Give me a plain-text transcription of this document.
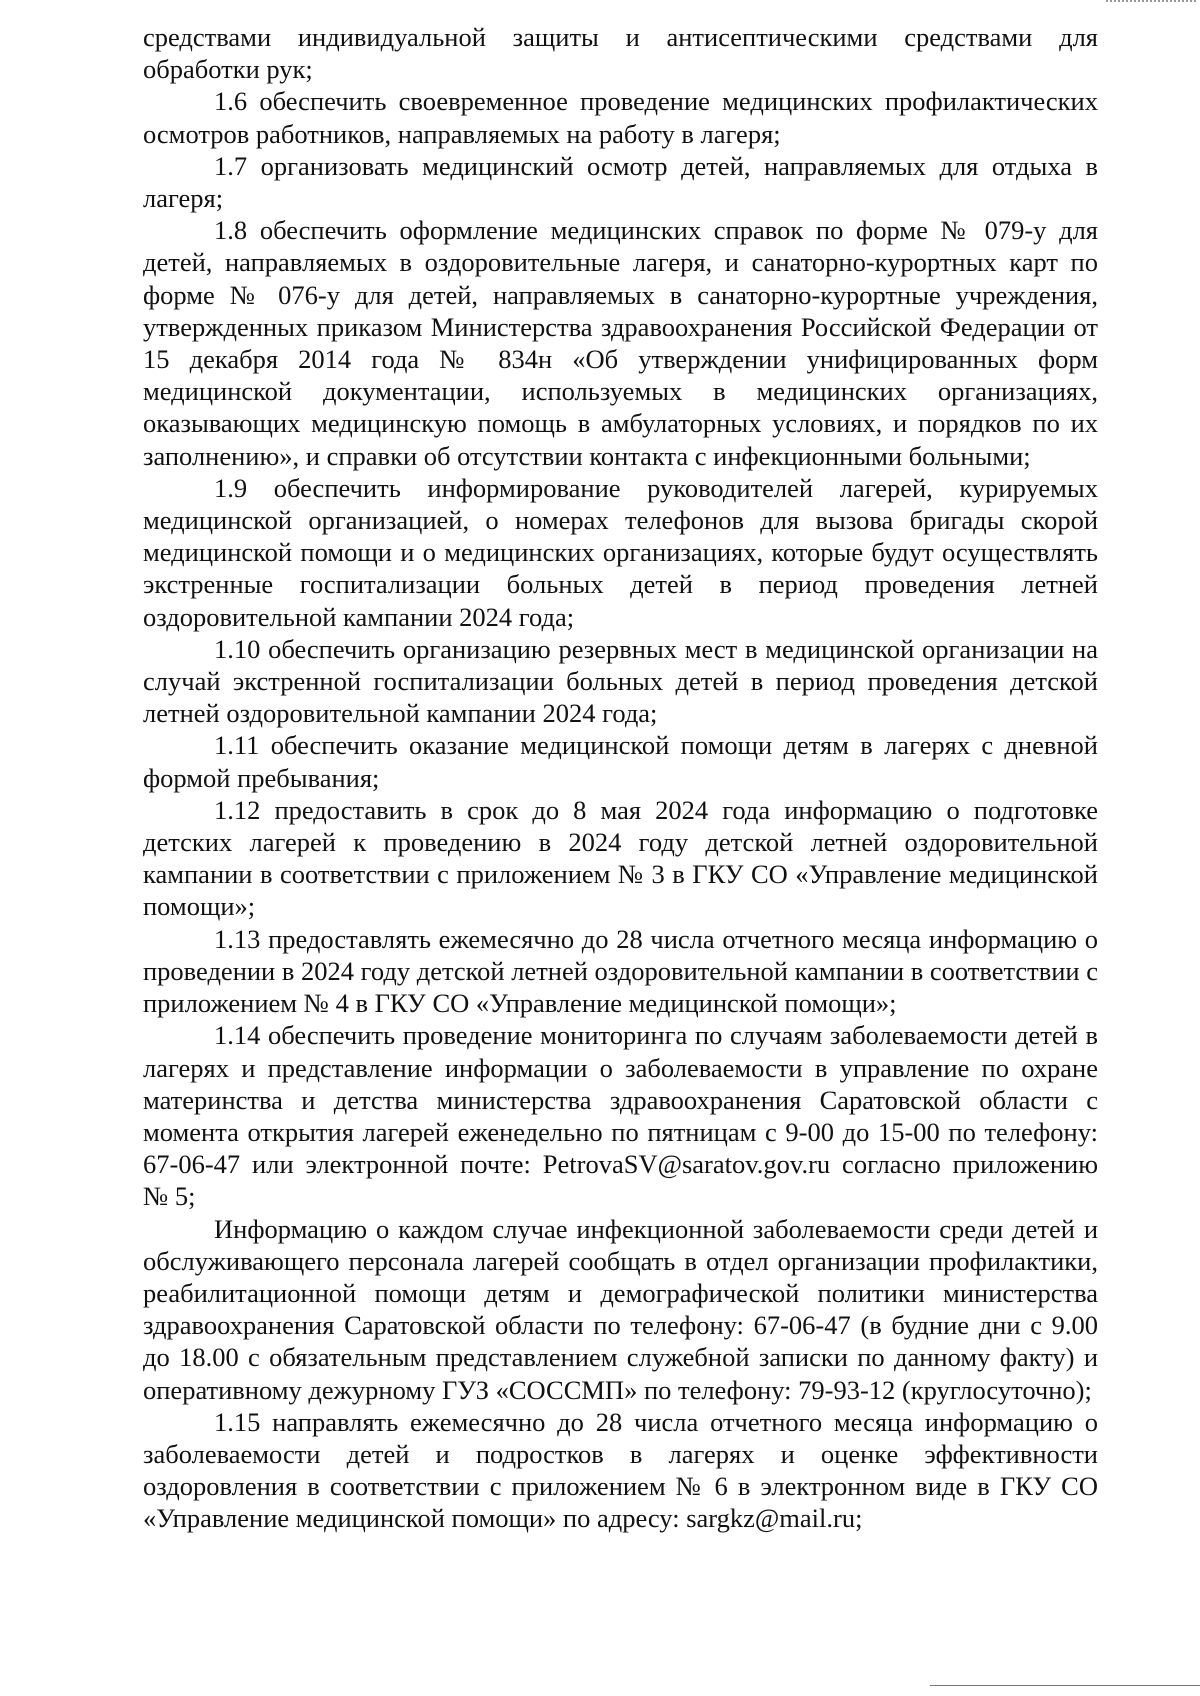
средствами индивидуальной защиты и антисептическими средствами для обработки рук;

1.6 обеспечить своевременное проведение медицинских профилактических осмотров работников, направляемых на работу в лагеря;

1.7 организовать медицинский осмотр детей, направляемых для отдыха в лагеря;

1.8 обеспечить оформление медицинских справок по форме № 079-у для детей, направляемых в оздоровительные лагеря, и санаторно-курортных карт по форме № 076-у для детей, направляемых в санаторно-курортные учреждения, утвержденных приказом Министерства здравоохранения Российской Федерации от 15 декабря 2014 года № 834н «Об утверждении унифицированных форм медицинской документации, используемых в медицинских организациях, оказывающих медицинскую помощь в амбулаторных условиях, и порядков по их заполнению», и справки об отсутствии контакта с инфекционными больными;

1.9 обеспечить информирование руководителей лагерей, курируемых медицинской организацией, о номерах телефонов для вызова бригады скорой медицинской помощи и о медицинских организациях, которые будут осуществлять экстренные госпитализации больных детей в период проведения летней оздоровительной кампании 2024 года;

1.10 обеспечить организацию резервных мест в медицинской организации на случай экстренной госпитализации больных детей в период проведения детской летней оздоровительной кампании 2024 года;

1.11 обеспечить оказание медицинской помощи детям в лагерях с дневной формой пребывания;

1.12 предоставить в срок до 8 мая 2024 года информацию о подготовке детских лагерей к проведению в 2024 году детской летней оздоровительной кампании в соответствии с приложением № 3 в ГКУ СО «Управление медицинской помощи»;

1.13 предоставлять ежемесячно до 28 числа отчетного месяца информацию о проведении в 2024 году детской летней оздоровительной кампании в соответствии с приложением № 4 в ГКУ СО «Управление медицинской помощи»;

1.14 обеспечить проведение мониторинга по случаям заболеваемости детей в лагерях и представление информации о заболеваемости в управление по охране материнства и детства министерства здравоохранения Саратовской области с момента открытия лагерей еженедельно по пятницам с 9-00 до 15-00 по телефону: 67-06-47 или электронной почте: PetrovaSV@saratov.gov.ru согласно приложению № 5;

Информацию о каждом случае инфекционной заболеваемости среди детей и обслуживающего персонала лагерей сообщать в отдел организации профилактики, реабилитационной помощи детям и демографической политики министерства здравоохранения Саратовской области по телефону: 67-06-47 (в будние дни с 9.00 до 18.00 с обязательным представлением служебной записки по данному факту) и оперативному дежурному ГУЗ «СОССМП» по телефону: 79-93-12 (круглосуточно);

1.15 направлять ежемесячно до 28 числа отчетного месяца информацию о заболеваемости детей и подростков в лагерях и оценке эффективности оздоровления в соответствии с приложением № 6 в электронном виде в ГКУ СО «Управление медицинской помощи» по адресу: sargkz@mail.ru;
